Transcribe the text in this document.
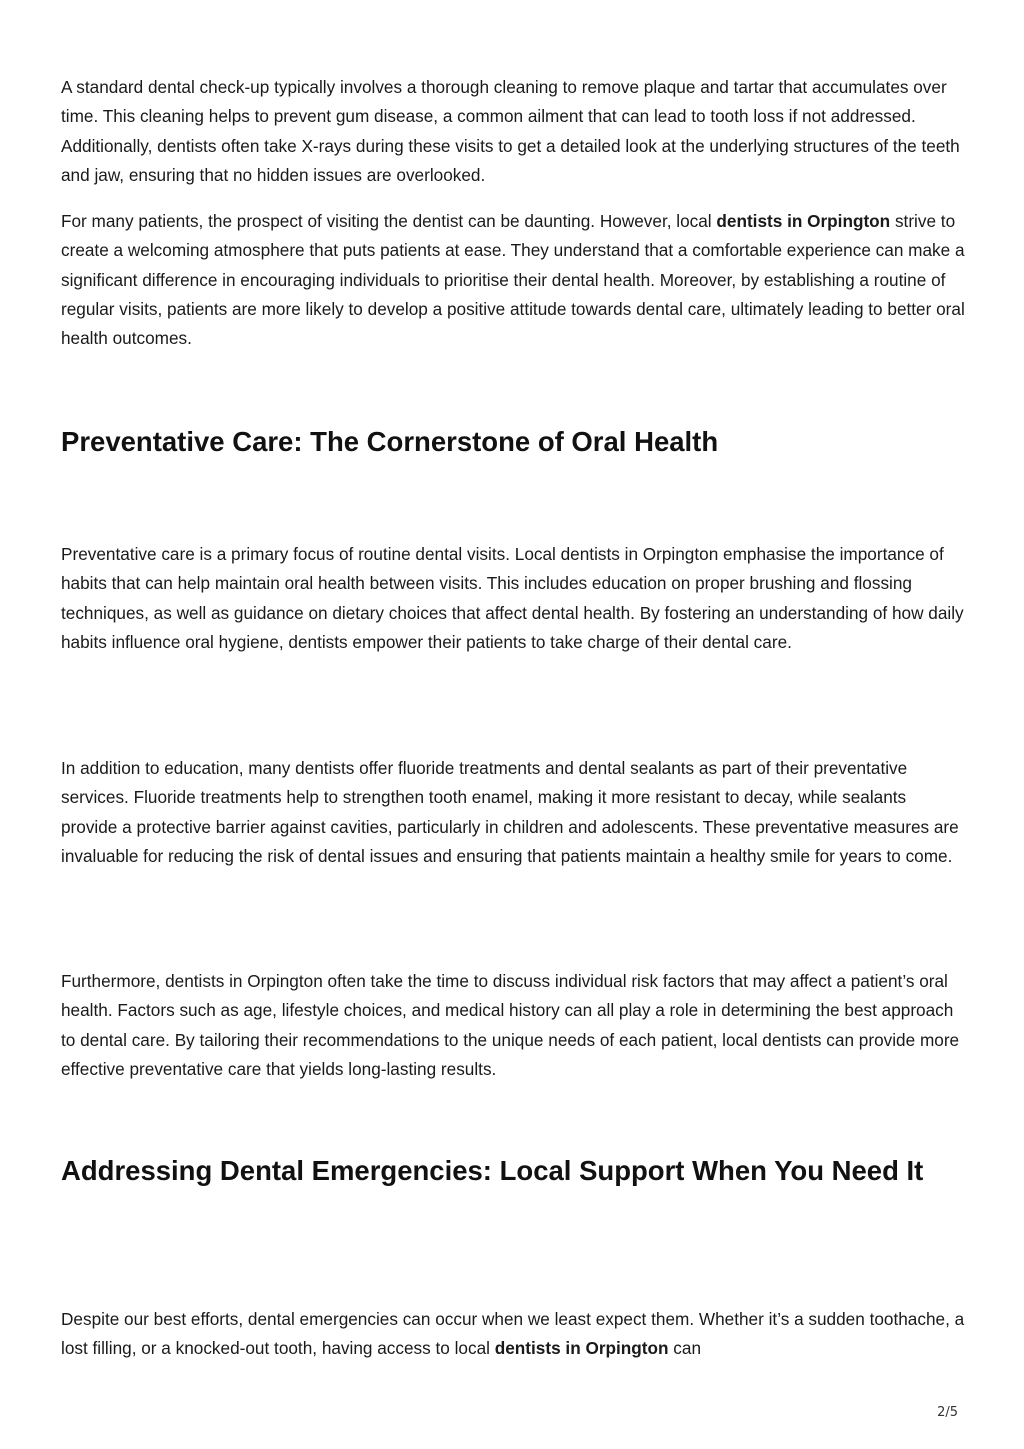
A standard dental check-up typically involves a thorough cleaning to remove plaque and tartar that accumulates over time. This cleaning helps to prevent gum disease, a common ailment that can lead to tooth loss if not addressed. Additionally, dentists often take X-rays during these visits to get a detailed look at the underlying structures of the teeth and jaw, ensuring that no hidden issues are overlooked.

For many patients, the prospect of visiting the dentist can be daunting. However, local dentists in Orpington strive to create a welcoming atmosphere that puts patients at ease. They understand that a comfortable experience can make a significant difference in encouraging individuals to prioritise their dental health. Moreover, by establishing a routine of regular visits, patients are more likely to develop a positive attitude towards dental care, ultimately leading to better oral health outcomes.

Preventative Care: The Cornerstone of Oral Health

Preventative care is a primary focus of routine dental visits. Local dentists in Orpington emphasise the importance of habits that can help maintain oral health between visits. This includes education on proper brushing and flossing techniques, as well as guidance on dietary choices that affect dental health. By fostering an understanding of how daily habits influence oral hygiene, dentists empower their patients to take charge of their dental care.

In addition to education, many dentists offer fluoride treatments and dental sealants as part of their preventative services. Fluoride treatments help to strengthen tooth enamel, making it more resistant to decay, while sealants provide a protective barrier against cavities, particularly in children and adolescents. These preventative measures are invaluable for reducing the risk of dental issues and ensuring that patients maintain a healthy smile for years to come.

Furthermore, dentists in Orpington often take the time to discuss individual risk factors that may affect a patient’s oral health. Factors such as age, lifestyle choices, and medical history can all play a role in determining the best approach to dental care. By tailoring their recommendations to the unique needs of each patient, local dentists can provide more effective preventative care that yields long-lasting results.

Addressing Dental Emergencies: Local Support When You Need It

Despite our best efforts, dental emergencies can occur when we least expect them. Whether it’s a sudden toothache, a lost filling, or a knocked-out tooth, having access to local dentists in Orpington can

2/5
